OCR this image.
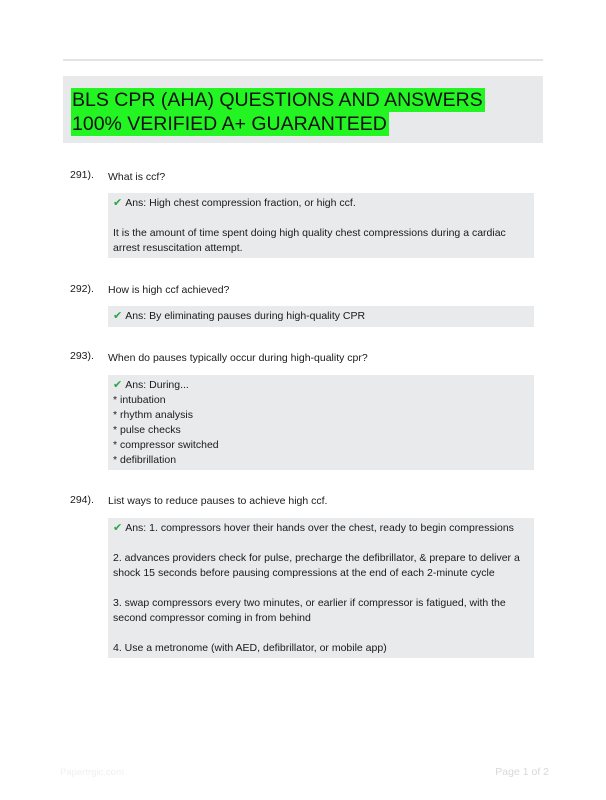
BLS CPR (AHA) QUESTIONS AND ANSWERS
100% VERIFIED A+ GUARANTEED
291). What is ccf?
✔ Ans: High chest compression fraction, or high ccf.
It is the amount of time spent doing high quality chest compressions during a cardiac arrest resuscitation attempt.
292). How is high ccf achieved?
✔ Ans: By eliminating pauses during high-quality CPR
293). When do pauses typically occur during high-quality cpr?
✔ Ans: During...
* intubation
* rhythm analysis
* pulse checks
* compressor switched
* defibrillation
294). List ways to reduce pauses to achieve high ccf.
✔ Ans: 1. compressors hover their hands over the chest, ready to begin compressions
2. advances providers check for pulse, precharge the defibrillator, & prepare to deliver a shock 15 seconds before pausing compressions at the end of each 2-minute cycle
3. swap compressors every two minutes, or earlier if compressor is fatigued, with the second compressor coming in from behind
4. Use a metronome (with AED, defibrillator, or mobile app)
Papertrgic.com	Page 1 of 2
